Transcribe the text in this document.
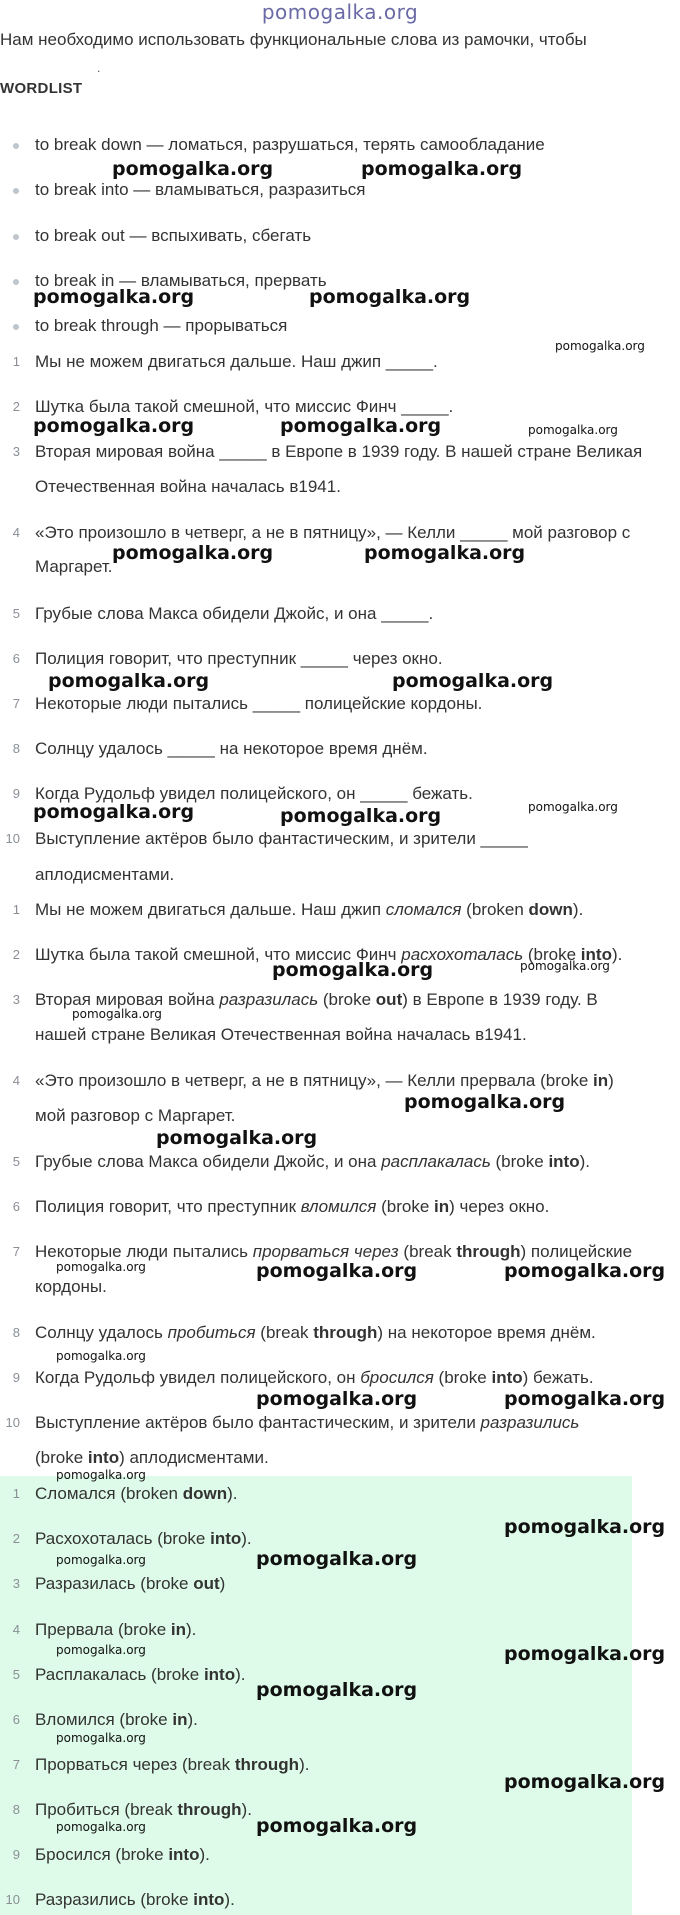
pomogalka.org
Нам необходимо использовать функциональные слова из рамочки, чтобы
.
WORDLIST
to break down — ломаться, разрушаться, терять самообладание
to break into — вламываться, разразиться
to break out — вспыхивать, сбегать
to break in — вламываться, прервать
to break through — прорываться
1 Мы не можем двигаться дальше. Наш джип _____.
2 Шутка была такой смешной, что миссис Финч _____.
3 Вторая мировая война _____ в Европе в 1939 году. В нашей стране Великая
Отечественная война началась в1941.
4 «Это произошло в четверг, а не в пятницу», — Келли _____ мой разговор с
Маргарет.
5 Грубые слова Макса обидели Джойс, и она _____.
6 Полиция говорит, что преступник _____ через окно.
7 Некоторые люди пытались _____ полицейские кордоны.
8 Солнцу удалось _____ на некоторое время днём.
9 Когда Рудольф увидел полицейского, он _____ бежать.
10 Выступление актёров было фантастическим, и зрители _____
аплодисментами.
1 Мы не можем двигаться дальше. Наш джип сломался (broken down).
2 Шутка была такой смешной, что миссис Финч расхохоталась (broke into).
3 Вторая мировая война разразилась (broke out) в Европе в 1939 году. В
нашей стране Великая Отечественная война началась в1941.
4 «Это произошло в четверг, а не в пятницу», — Келли прервала (broke in)
мой разговор с Маргарет.
5 Грубые слова Макса обидели Джойс, и она расплакалась (broke into).
6 Полиция говорит, что преступник вломился (broke in) через окно.
7 Некоторые люди пытались прорваться через (break through) полицейские
кордоны.
8 Солнцу удалось пробиться (break through) на некоторое время днём.
9 Когда Рудольф увидел полицейского, он бросился (broke into) бежать.
10 Выступление актёров было фантастическим, и зрители разразились
(broke into) аплодисментами.
1 Сломался (broken down).
2 Расхохоталась (broke into).
3 Разразилась (broke out)
4 Прервала (broke in).
5 Расплакалась (broke into).
6 Вломился (broke in).
7 Прорваться через (break through).
8 Пробиться (break through).
9 Бросился (broke into).
10 Разразились (broke into).
pomogalka.org	pomogalka.org
pomogalka.org	pomogalka.org
pomogalka.org
pomogalka.org	pomogalka.org	pomogalka.org
pomogalka.org	pomogalka.org
pomogalka.org	pomogalka.org
pomogalka.org	pomogalka.org	pomogalka.org
pomogalka.org	pomogalka.org
pomogalka.org
pomogalka.org
pomogalka.org
pomogalka.org	pomogalka.org	pomogalka.org
pomogalka.org
pomogalka.org	pomogalka.org
pomogalka.org
pomogalka.org
pomogalka.org
pomogalka.org
pomogalka.org	pomogalka.org
pomogalka.org
pomogalka.org
pomogalka.org
pomogalka.org	pomogalka.org
